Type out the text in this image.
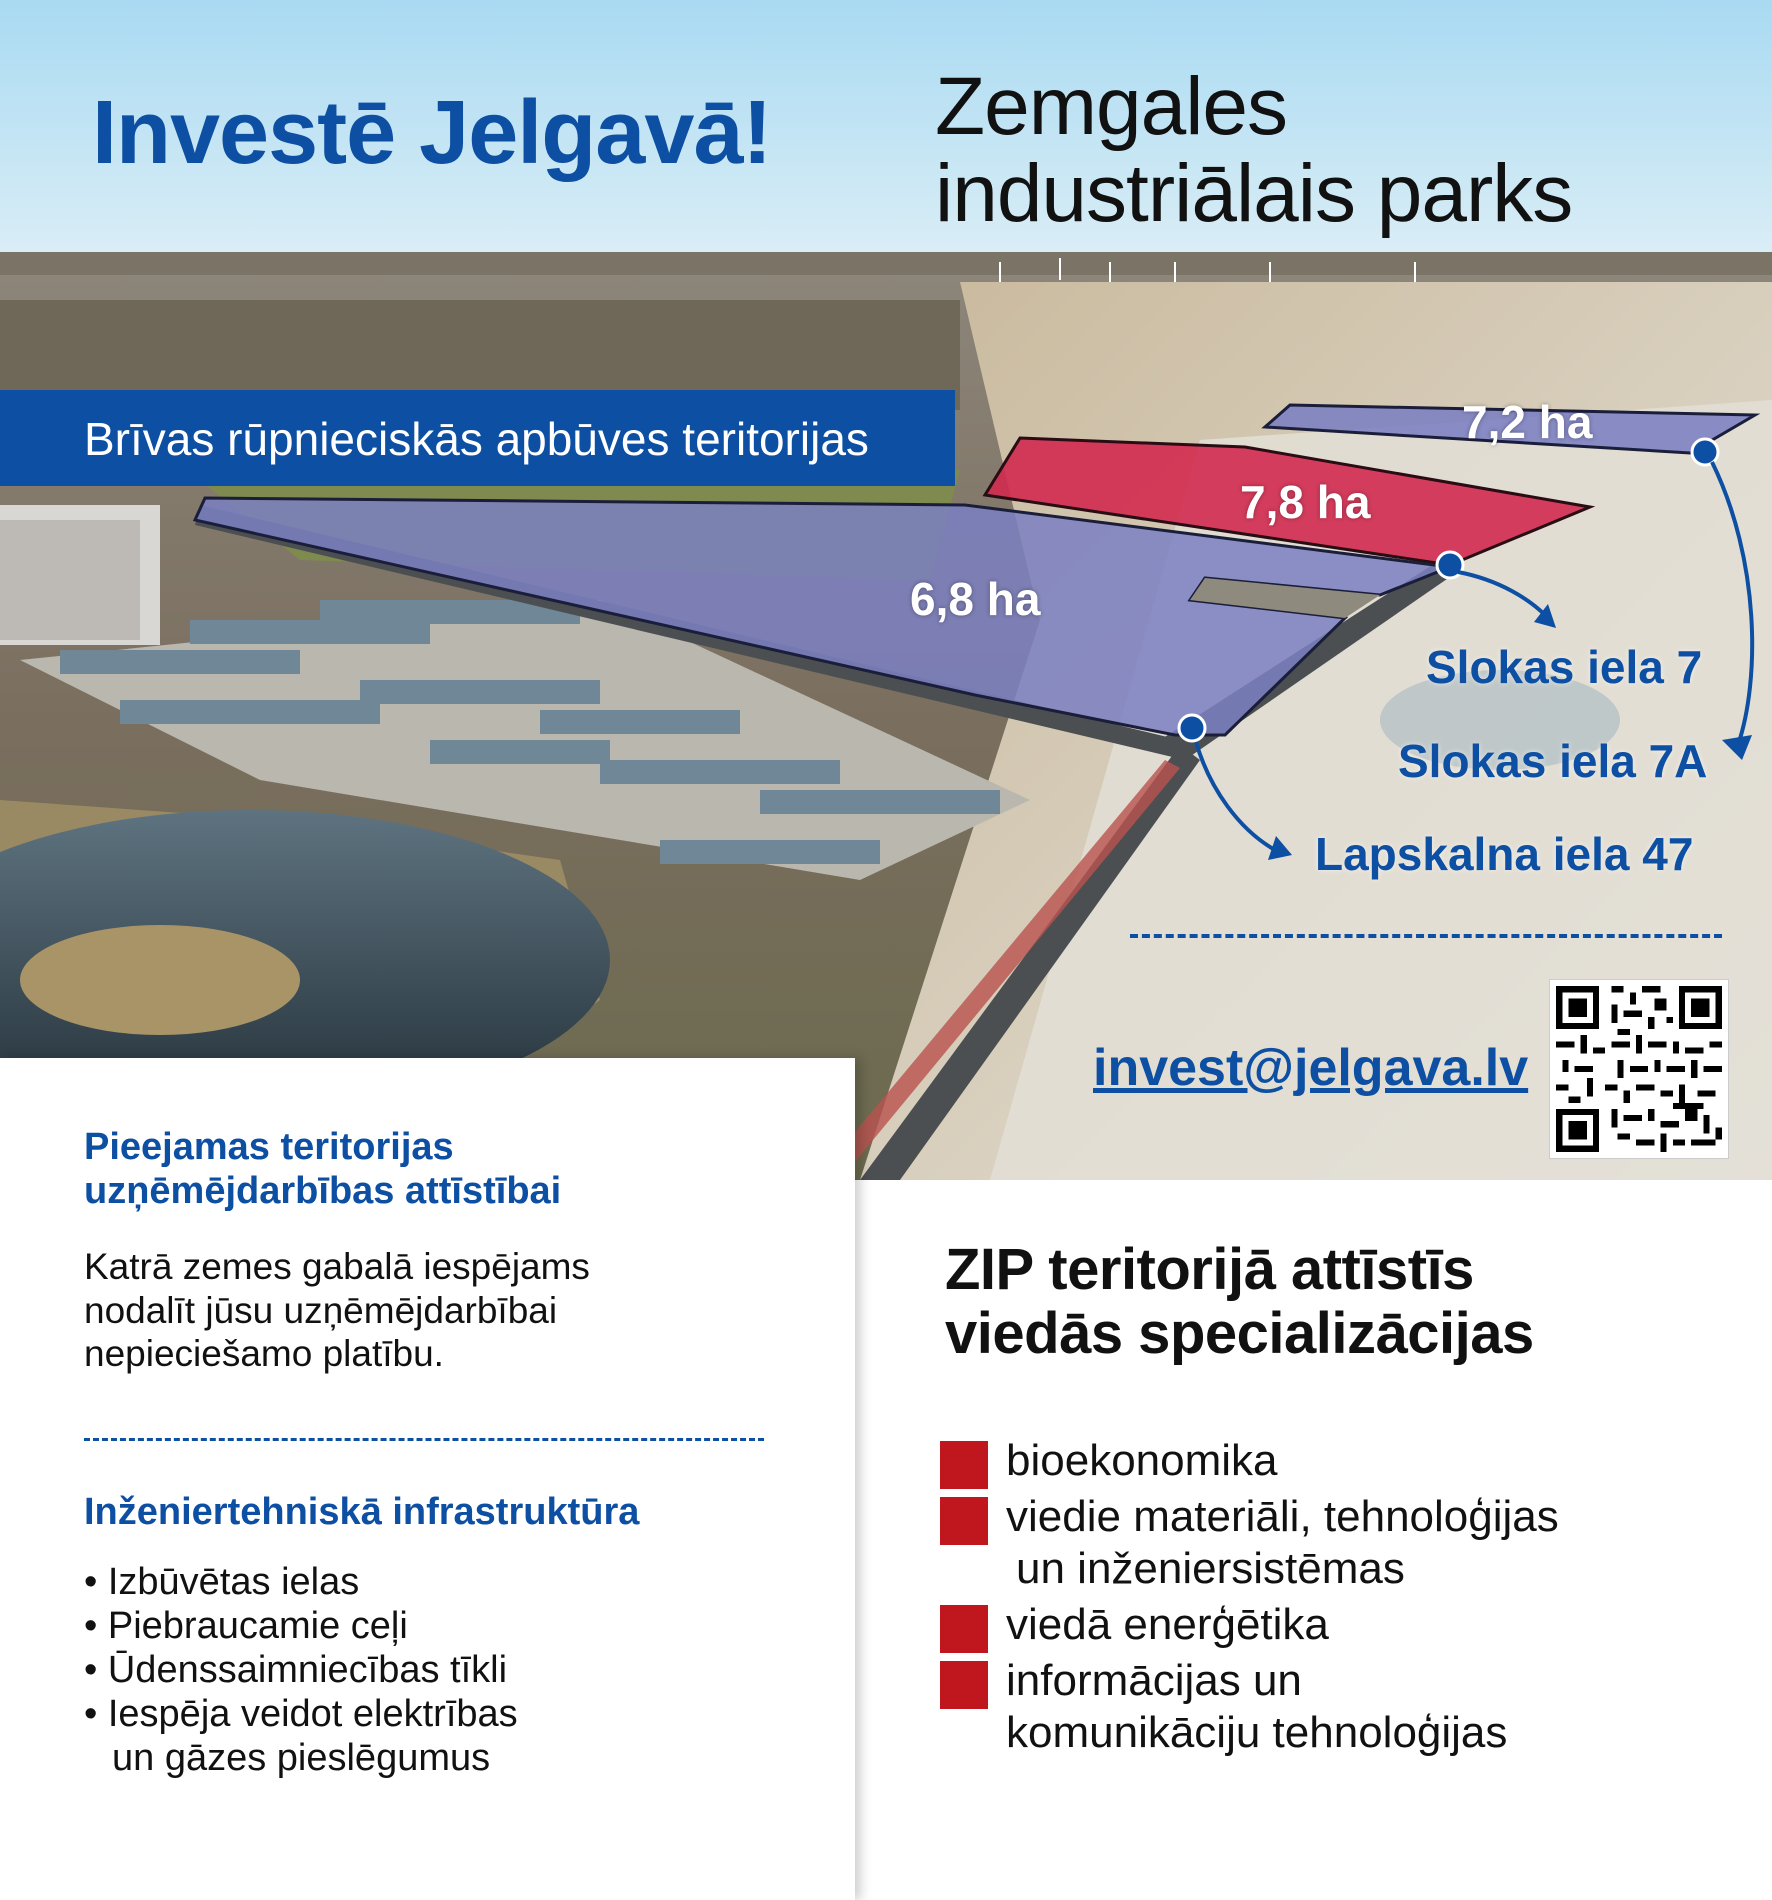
Investē Jelgavā! Zemgales
industriālais parks
Brīvas rūpnieciskās apbūves teritorijas	7,2 ha
7,8 ha
6,8 ha
Slokas iela 7
Slokas iela 7A
Lapskalna iela 47
invest@jelgava.lv
ZIP teritorijā attīstīs
viedās specializācijas
bioekonomika
viedie materiāli, tehnoloģijas
un inženiersistēmas
viedā enerģētika
informācijas un
komunikāciju tehnoloģijas
Pieejamas teritorijas
uzņēmējdarbības attīstībai

Katrā zemes gabalā iespējams
nodalīt jūsu uzņēmējdarbībai
nepieciešamo platību.

Inženiertehniskā infrastruktūra
• Izbūvētas ielas
• Piebraucamie ceļi
• Ūdenssaimniecības tīkli
• Iespēja veidot elektrības
un gāzes pieslēgumus
